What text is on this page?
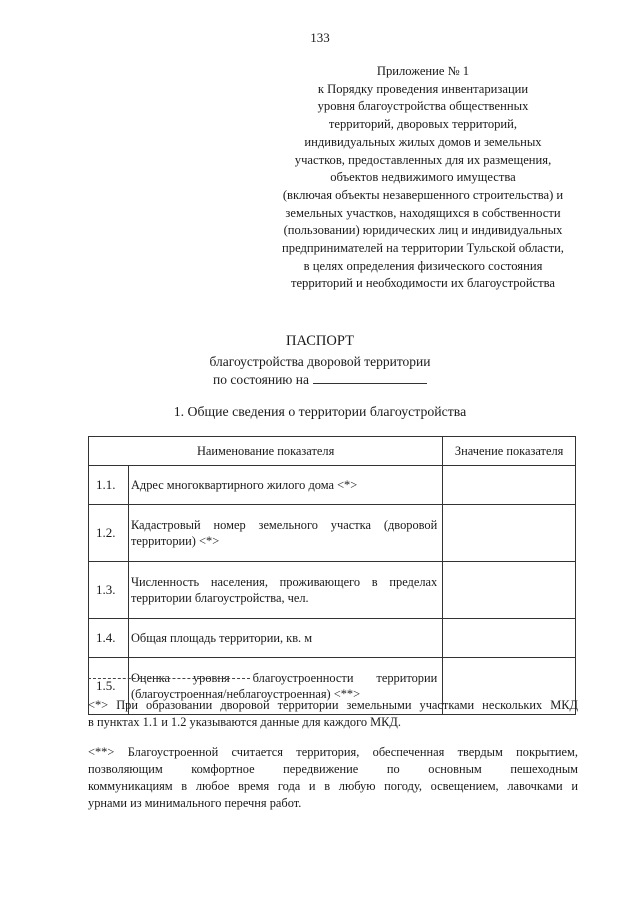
133
Приложение № 1
к Порядку проведения инвентаризации
уровня благоустройства общественных
территорий, дворовых территорий,
индивидуальных жилых домов и земельных
участков, предоставленных для их размещения,
объектов недвижимого имущества
(включая объекты незавершенного строительства) и
земельных участков, находящихся в собственности
(пользовании) юридических лиц и индивидуальных
предпринимателей на территории Тульской области,
в целях определения физического состояния
территорий и необходимости их благоустройства
ПАСПОРТ
благоустройства дворовой территории
по состоянию на
1. Общие сведения о территории благоустройства
Наименование показателя		Значение показателя
1.1.	Адрес многоквартирного жилого дома <*>	

1.2.	Кадастровый номер земельного участка (дворовой
территории) <*>	

1.3.	Численность населения, проживающего в пределах
территории благоустройства, чел.	

1.4.	Общая площадь территории, кв. м	

1.5.	Оценка уровня благоустроенности территории
(благоустроенная/неблагоустроенная) <**>	

<*> При образовании дворовой территории земельными участками нескольких МКД
в пунктах 1.1 и 1.2 указываются данные для каждого МКД.
<**> Благоустроенной считается территория, обеспеченная твердым покрытием,
позволяющим комфортное передвижение по основным пешеходным
коммуникациям в любое время года и в любую погоду, освещением, лавочками и
урнами из минимального перечня работ.
